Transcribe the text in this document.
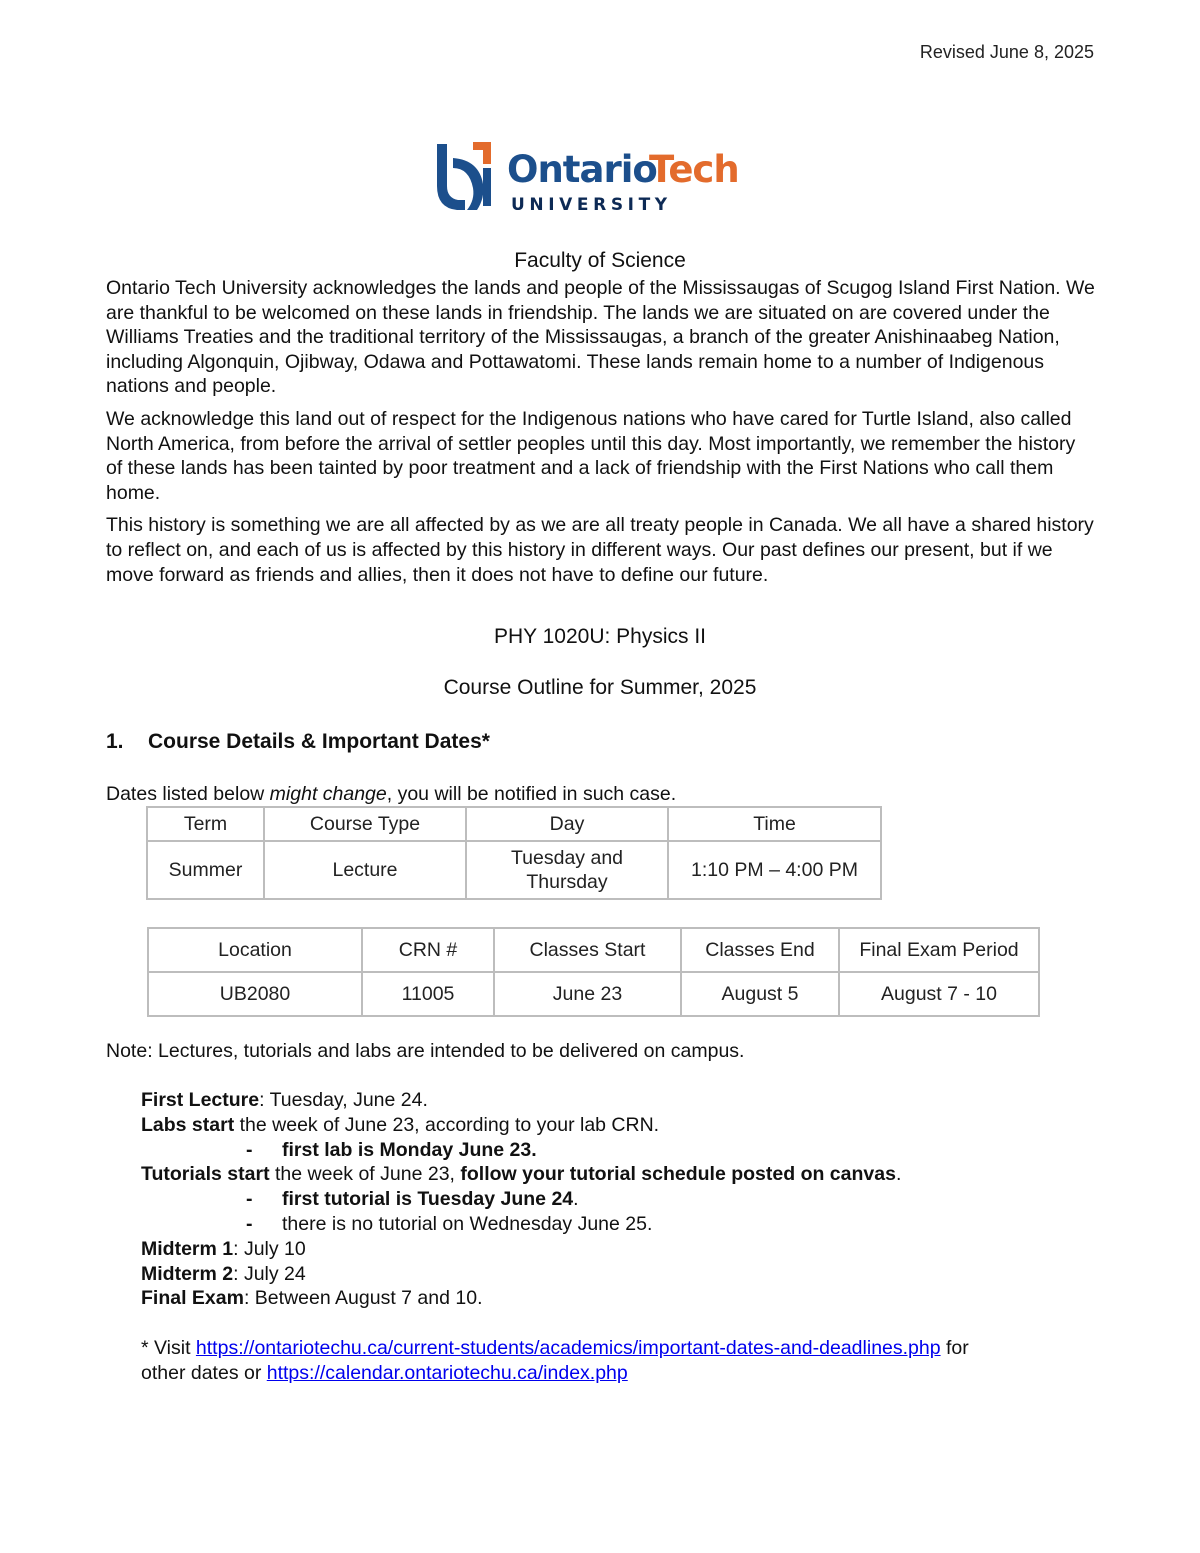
Revised June 8, 2025
Ontario
Tech
UNIVERSITY
Faculty of Science

Ontario Tech University acknowledges the lands and people of the Mississaugas of Scugog Island First Nation. We are thankful to be welcomed on these lands in friendship. The lands we are situated on are covered under the Williams Treaties and the traditional territory of the Mississaugas, a branch of the greater Anishinaabeg Nation, including Algonquin, Ojibway, Odawa and Pottawatomi. These lands remain home to a number of Indigenous nations and people.

We acknowledge this land out of respect for the Indigenous nations who have cared for Turtle Island, also called North America, from before the arrival of settler peoples until this day. Most importantly, we remember the history of these lands has been tainted by poor treatment and a lack of friendship with the First Nations who call them home.

This history is something we are all affected by as we are all treaty people in Canada. We all have a shared history to reflect on, and each of us is affected by this history in different ways. Our past defines our present, but if we move forward as friends and allies, then it does not have to define our future.

PHY 1020U: Physics II
Course Outline for Summer, 2025
1. Course Details & Important Dates*
Dates listed below might change, you will be notified in such case.
Term	Course Type	Day	Time
Summer	Lecture	Tuesday and Thursday	1:10 PM – 4:00 PM
Location	CRN #	Classes Start	Classes End	Final Exam Period
UB2080	11005	June 23	August 5	August 7 - 10
Note: Lectures, tutorials and labs are intended to be delivered on campus.
First Lecture: Tuesday, June 24.
Labs start the week of June 23, according to your lab CRN.
- first lab is Monday June 23.
Tutorials start the week of June 23, follow your tutorial schedule posted on canvas.
- first tutorial is Tuesday June 24.
- there is no tutorial on Wednesday June 25.
Midterm 1: July 10
Midterm 2: July 24
Final Exam: Between August 7 and 10.
* Visit https://ontariotechu.ca/current-students/academics/important-dates-and-deadlines.php for
other dates or https://calendar.ontariotechu.ca/index.php
